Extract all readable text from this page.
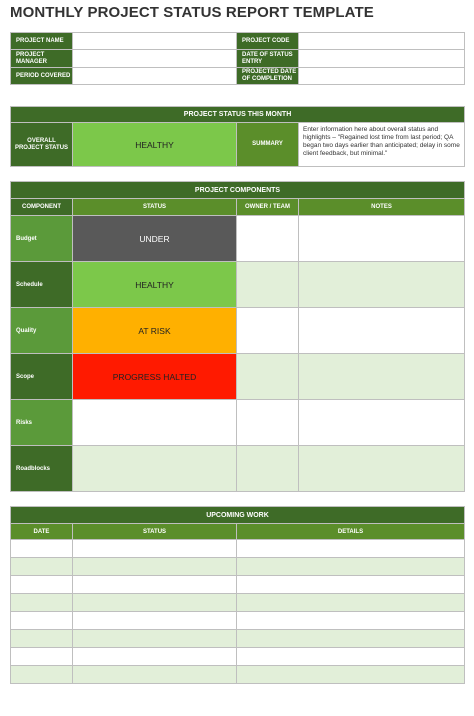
MONTHLY PROJECT STATUS REPORT TEMPLATE
PROJECT NAME		PROJECT CODE	
PROJECT MANAGER		DATE OF STATUS ENTRY	
PERIOD COVERED		PROJECTED DATE OF COMPLETION	
PROJECT STATUS THIS MONTH
OVERALL PROJECT STATUS	HEALTHY	SUMMARY	Enter information here about overall status and highlights – "Regained lost time from last period; QA began two days earlier than anticipated; delay in some client feedback, but minimal."
PROJECT COMPONENTS			
COMPONENT	STATUS	OWNER / TEAM	NOTES
Budget	UNDER		
Schedule	HEALTHY		
Quality	AT RISK		
Scope	PROGRESS HALTED		
Risks			
Roadblocks			
UPCOMING WORK		
DATE	STATUS	DETAILS
